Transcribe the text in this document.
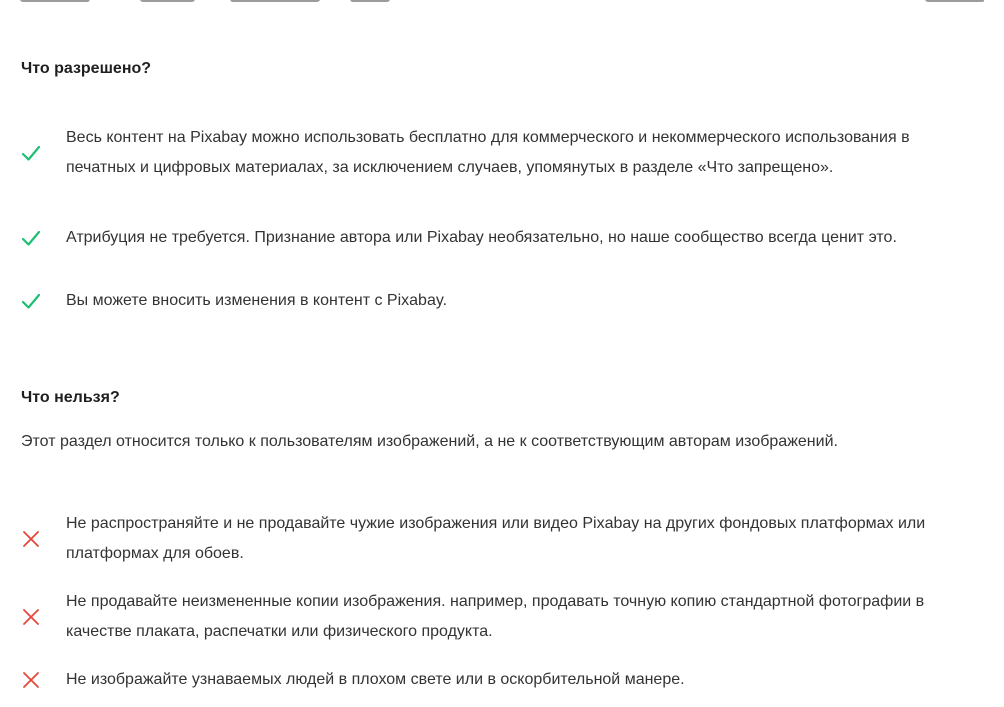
Что разрешено?
Весь контент на Pixabay можно использовать бесплатно для коммерческого и некоммерческого использования в печатных и цифровых материалах, за исключением случаев, упомянутых в разделе «Что запрещено».
Атрибуция не требуется. Признание автора или Pixabay необязательно, но наше сообщество всегда ценит это.
Вы можете вносить изменения в контент с Pixabay.
Что нельзя?

Этот раздел относится только к пользователям изображений, а не к соответствующим авторам изображений.

Не распространяйте и не продавайте чужие изображения или видео Pixabay на других фондовых платформах или платформах для обоев.
Не продавайте неизмененные копии изображения. например, продавать точную копию стандартной фотографии в качестве плаката, распечатки или физического продукта.
Не изображайте узнаваемых людей в плохом свете или в оскорбительной манере.
